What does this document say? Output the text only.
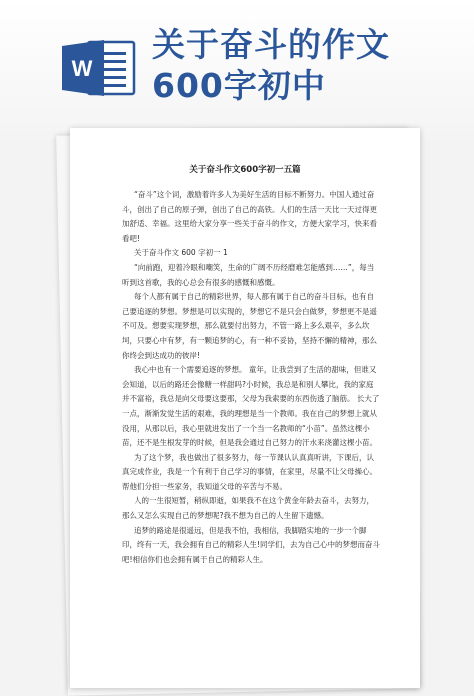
W
关于奋斗的作文600字初中
关于奋斗作文600字初一五篇

“奋斗”这个词，激励着许多人为美好生活的目标不断努力。中国人通过奋斗，创出了自己的原子弹，创出了自己的高铁。人们的生活一天比一天过得更加舒适、幸福。这里给大家分享一些关于奋斗的作文，方便大家学习，快来看看吧!

关于奋斗作文 600 字初一 1

“向前跑，迎着冷眼和嘲笑，生命的广阔不历经磨难怎能感到……”，每当听到这首歌，我的心总会有很多的感慨和感慨。

每个人都有属于自己的精彩世界，每人都有属于自己的奋斗目标，也有自己要追逐的梦想。梦想是可以实现的，梦想它不是只会白做梦，梦想更不是遥不可及。想要实现梦想，那么就要付出努力，不管一路上多么艰辛，多么坎坷，只要心中有梦，有一颗追梦的心，有一种不妥协，坚持不懈的精神，那么你终会到达成功的彼岸!

我心中也有一个需要追逐的梦想。 童年，让我尝到了生活的甜味，但谁又会知道，以后的路还会像糖一样甜吗?小时候，我总是和别人攀比，我的家庭并不富裕，我总是向父母要这要那，父母为我索要的东西伤透了脑筋。 长大了一点，渐渐发觉生活的艰难，我的理想是当一个教师。我在自己的梦想上就从没用，从那以后，我心里就进发出了一个当一名教师的“小苗”。虽然这棵小苗，还不是生根发芽的时候，但是我会通过自己努力的汗水来浇灌这棵小苗。

为了这个梦，我也做出了很多努力，每一节课认认真真听讲，下课后，认真完成作业，我是一个有利于自己学习的事情，在家里，尽量不让父母操心。 帮他们分担一些家务，我知道父母的辛苦与不易。

人的一生很短暂，稍纵即逝，如果我不在这个黄金年龄去奋斗，去努力，那么又怎么实现自己的梦想呢?我不想为自己的人生留下遗憾。

追梦的路途是很遥远，但是我不怕，我相信，我脚踏实地的一步一个脚印，终有一天，我会拥有自己的精彩人生!同学们，去为自己心中的梦想而奋斗吧!相信你们也会拥有属于自己的精彩人生。
